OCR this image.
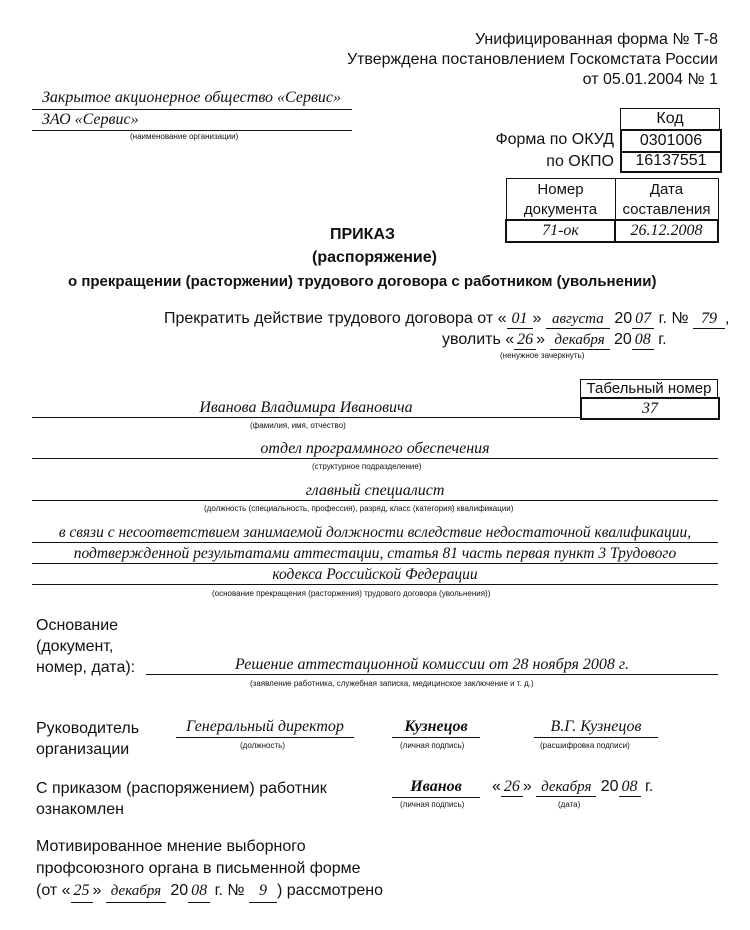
Унифицированная форма № Т-8
Утверждена постановлением Госкомстата России
от 05.01.2004 № 1
Закрытое акционерное общество «Сервис»
ЗАО «Сервис»
(наименование организации)
Код
Форма по ОКУД	0301006
по ОКПО	16137551
Номер	Дата
документа	составления
71-ок	26.12.2008
ПРИКАЗ
(распоряжение)
о прекращении (расторжении) трудового договора с работником (увольнении)
Прекратить действие трудового договора от « 01 » августа 20 07 г. № 79 ,
уволить « 26 » декабря 20 08 г.
(ненужное зачеркнуть)
Табельный номер
37
Иванова Владимира Ивановича
(фамилия, имя, отчество)
отдел программного обеспечения
(структурное подразделение)
главный специалист
(должность (специальность, профессия), разряд, класс (категория) квалификации)
в связи с несоответствием занимаемой должности вследствие недостаточной квалификации,
подтвержденной результатами аттестации, статья 81 часть первая пункт 3 Трудового
кодекса Российской Федерации
(основание прекращения (расторжения) трудового договора (увольнения))
Основание
(документ,
номер, дата):	Решение аттестационной комиссии от 28 ноября 2008 г.
(заявление работника, служебная записка, медицинское заключение и т. д.)
Руководитель
организации
Генеральный директор
(должность)
Кузнецов
(личная подпись)
В.Г. Кузнецов
(расшифровка подписи)
С приказом (распоряжением) работник
ознакомлен
Иванов
(личная подпись)
« 26 » декабря 20 08 г.
(дата)
Мотивированное мнение выборного
профсоюзного органа в письменной форме
(от « 25 » декабря 20 08 г. № 9 ) рассмотрено
